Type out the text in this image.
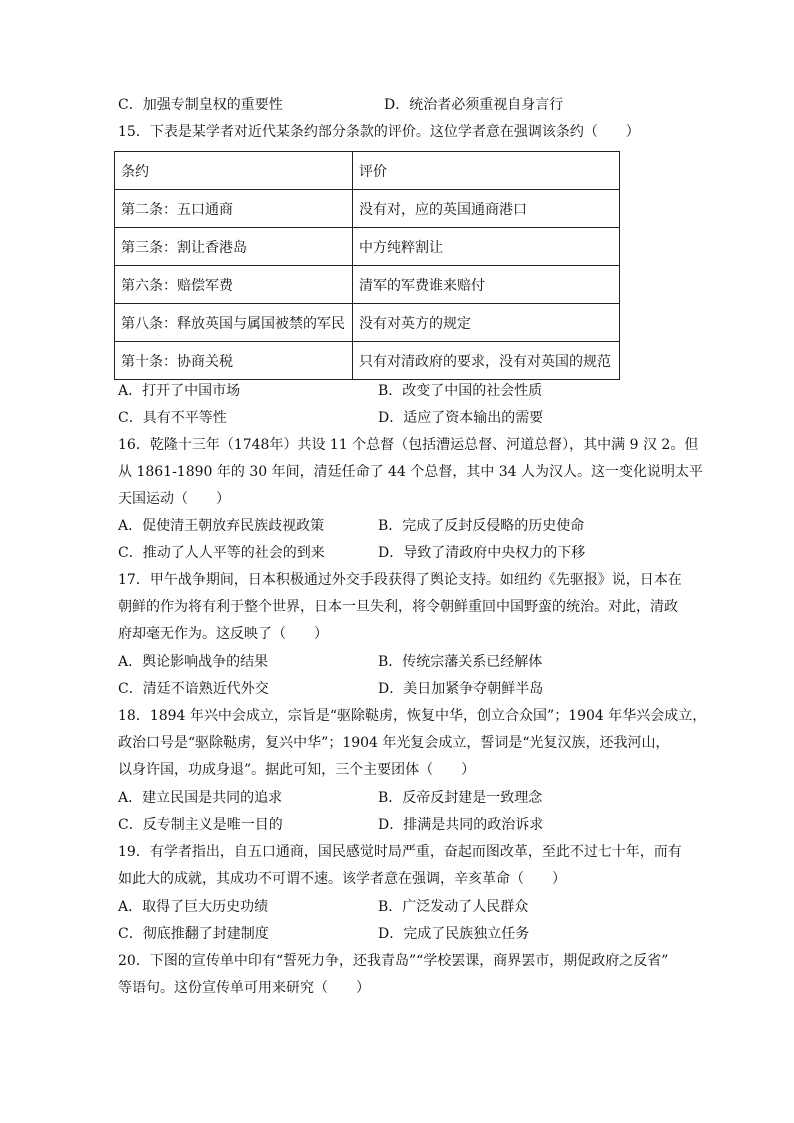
C．加强专制皇权的重要性	D．统治者必须重视自身言行
15．下表是某学者对近代某条约部分条款的评价。这位学者意在强调该条约（　　）
条约	评价
第二条：五口通商	没有对，应的英国通商港口
第三条：割让香港岛	中方纯粹割让
第六条：赔偿军费	清军的军费谁来赔付
第八条：释放英国与属国被禁的军民	没有对英方的规定
第十条：协商关税	只有对清政府的要求，没有对英国的规范
A．打开了中国市场	B．改变了中国的社会性质
C．具有不平等性	D．适应了资本输出的需要
16．乾隆十三年（1748年）共设 11 个总督（包括漕运总督、河道总督），其中满 9 汉 2。但
从 1861-1890 年的 30 年间，清廷任命了 44 个总督，其中 34 人为汉人。这一变化说明太平
天国运动（　　）
A．促使清王朝放弃民族歧视政策	B．完成了反封反侵略的历史使命
C．推动了人人平等的社会的到来	D．导致了清政府中央权力的下移
17．甲午战争期间，日本积极通过外交手段获得了舆论支持。如纽约《先驱报》说，日本在
朝鲜的作为将有利于整个世界，日本一旦失利，将令朝鲜重回中国野蛮的统治。对此，清政
府却毫无作为。这反映了（　　）
A．舆论影响战争的结果	B．传统宗藩关系已经解体
C．清廷不谙熟近代外交	D．美日加紧争夺朝鲜半岛
18．1894 年兴中会成立，宗旨是“驱除鞑虏，恢复中华，创立合众国”；1904 年华兴会成立，
政治口号是“驱除鞑虏，复兴中华”；1904 年光复会成立，誓词是“光复汉族，还我河山，
以身许国，功成身退”。据此可知，三个主要团体（　　）
A．建立民国是共同的追求	B．反帝反封建是一致理念
C．反专制主义是唯一目的	D．排满是共同的政治诉求
19．有学者指出，自五口通商，国民感觉时局严重，奋起而图改革，至此不过七十年，而有
如此大的成就，其成功不可谓不速。该学者意在强调，辛亥革命（　　）
A．取得了巨大历史功绩	B．广泛发动了人民群众
C．彻底推翻了封建制度	D．完成了民族独立任务
20．下图的宣传单中印有“誓死力争，还我青岛”“学校罢课，商界罢市，期促政府之反省”
等语句。这份宣传单可用来研究（　　）
